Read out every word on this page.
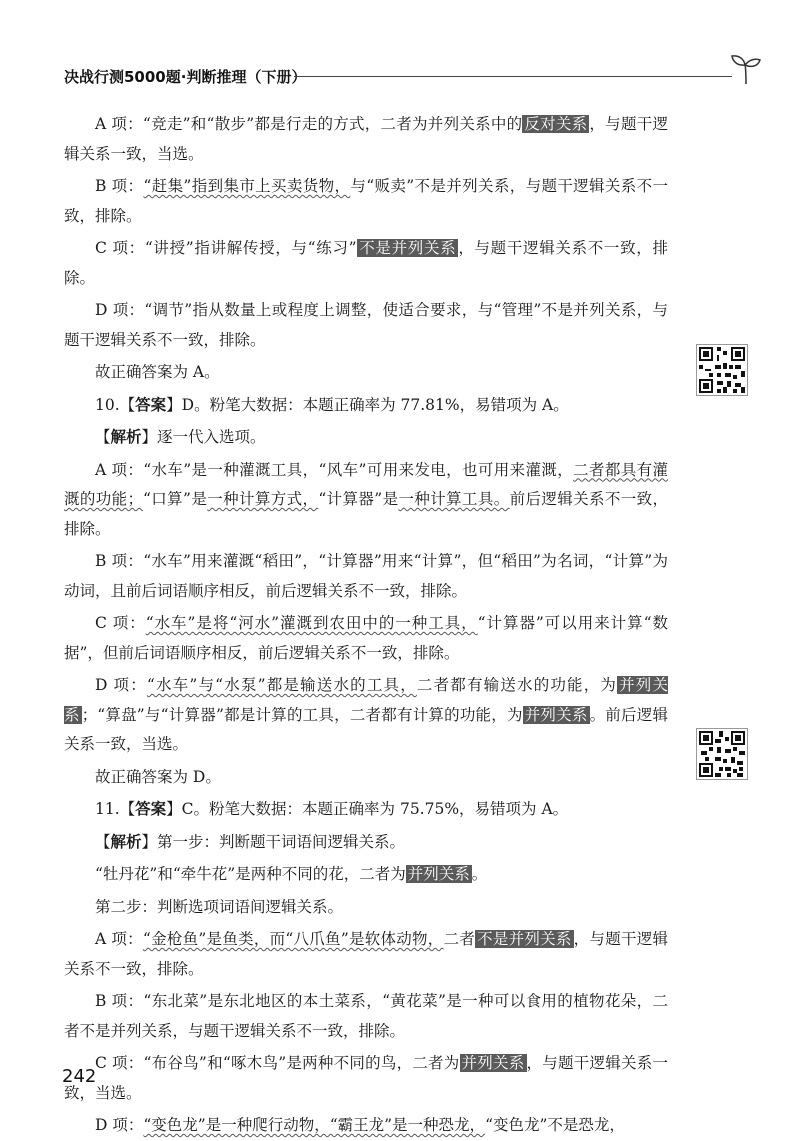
决战行测5000题·判断推理（下册）

A 项：“竞走”和“散步”都是行走的方式，二者为并列关系中的 反对关系 ，与题干逻辑关系一致，当选。

B 项：“赶集”指到集市上买卖货物，与“贩卖”不是并列关系，与题干逻辑关系不一致，排除。

C 项：“讲授”指讲解传授，与“练习” 不是并列关系 ，与题干逻辑关系不一致，排除。

D 项：“调节”指从数量上或程度上调整，使适合要求，与“管理”不是并列关系，与题干逻辑关系不一致，排除。

故正确答案为 A。

10.【答案】D。粉笔大数据：本题正确率为 77.81%，易错项为 A。

【解析】逐一代入选项。

A 项：“水车”是一种灌溉工具，“风车”可用来发电，也可用来灌溉，二者都具有灌溉的功能；“口算”是一种计算方式，“计算器”是一种计算工具。前后逻辑关系不一致，排除。

B 项：“水车”用来灌溉“稻田”，“计算器”用来“计算”，但“稻田”为名词，“计算”为动词，且前后词语顺序相反，前后逻辑关系不一致，排除。

C 项：“水车”是将“河水”灌溉到农田中的一种工具，“计算器”可以用来计算“数据”，但前后词语顺序相反，前后逻辑关系不一致，排除。

D 项：“水车”与“水泵”都是输送水的工具，二者都有输送水的功能，为 并列关系 ；“算盘”与“计算器”都是计算的工具，二者都有计算的功能，为 并列关系 。前后逻辑关系一致，当选。

故正确答案为 D。

11.【答案】C。粉笔大数据：本题正确率为 75.75%，易错项为 A。

【解析】第一步：判断题干词语间逻辑关系。

“牡丹花”和“牵牛花”是两种不同的花，二者为 并列关系 。

第二步：判断选项词语间逻辑关系。

A 项：“金枪鱼”是鱼类，而“八爪鱼”是软体动物，二者 不是并列关系 ，与题干逻辑关系不一致，排除。

B 项：“东北菜”是东北地区的本土菜系，“黄花菜”是一种可以食用的植物花朵，二者不是并列关系，与题干逻辑关系不一致，排除。

C 项：“布谷鸟”和“啄木鸟”是两种不同的鸟，二者为 并列关系 ，与题干逻辑关系一致，当选。

D 项：“变色龙”是一种爬行动物，“霸王龙”是一种恐龙，“变色龙”不是恐龙，

242
